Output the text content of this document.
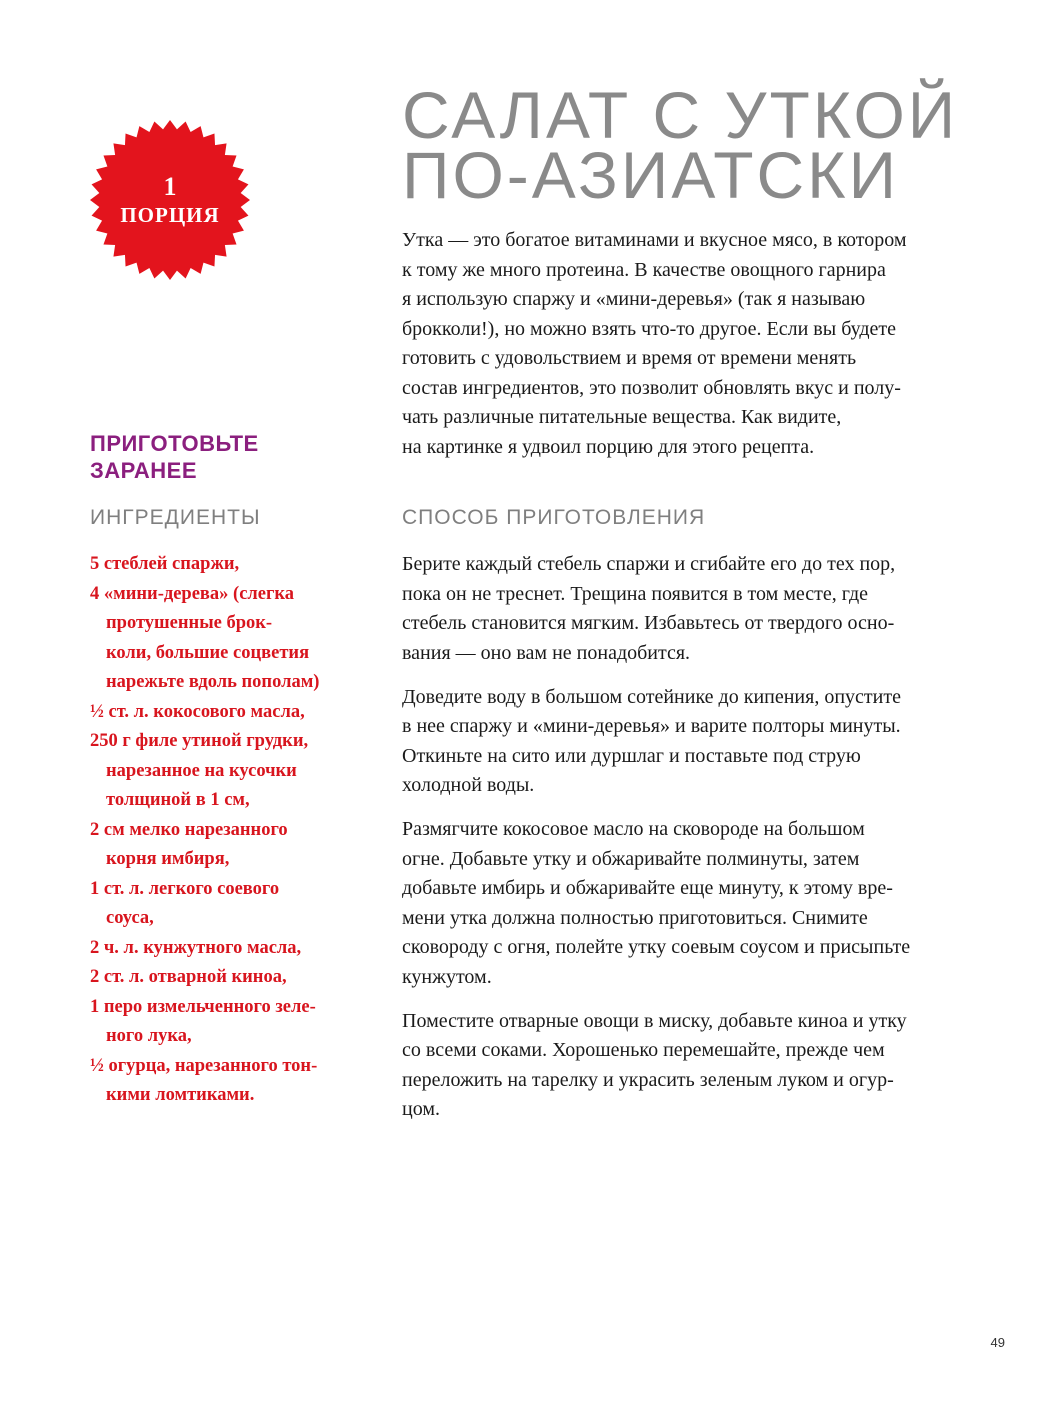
1
ПОРЦИЯ
САЛАТ С УТКОЙ
ПО-АЗИАТСКИ

Утка — это богатое витаминами и вкусное мясо, в котором
к тому же много протеина. В качестве овощного гарнира
я использую спаржу и «мини-деревья» (так я называю
брокколи!), но можно взять что-то другое. Если вы будете
готовить с удовольствием и время от времени менять
состав ингредиентов, это позволит обновлять вкус и полу-
чать различные питательные вещества. Как видите,
на картинке я удвоил порцию для этого рецепта.

ПРИГОТОВЬТЕ
ЗАРАНЕЕ
ИНГРЕДИЕНТЫ	СПОСОБ ПРИГОТОВЛЕНИЯ
5 стеблей спаржи,
4 «мини-дерева» (слегка
протушенные брок-
коли, большие соцветия
нарежьте вдоль пополам)
½ ст. л. кокосового масла,
250 г филе утиной грудки,
нарезанное на кусочки
толщиной в 1 см,
2 см мелко нарезанного
корня имбиря,
1 ст. л. легкого соевого
соуса,
2 ч. л. кунжутного масла,
2 ст. л. отварной киноа,
1 перо измельченного зеле-
ного лука,
½ огурца, нарезанного тон-
кими ломтиками.

Берите каждый стебель спаржи и сгибайте его до тех пор,
пока он не треснет. Трещина появится в том месте, где
стебель становится мягким. Избавьтесь от твердого осно-
вания — оно вам не понадобится.

Доведите воду в большом сотейнике до кипения, опустите
в нее спаржу и «мини-деревья» и варите полторы минуты.
Откиньте на сито или дуршлаг и поставьте под струю
холодной воды.

Размягчите кокосовое масло на сковороде на большом
огне. Добавьте утку и обжаривайте полминуты, затем
добавьте имбирь и обжаривайте еще минуту, к этому вре-
мени утка должна полностью приготовиться. Снимите
сковороду с огня, полейте утку соевым соусом и присыпьте
кунжутом.

Поместите отварные овощи в миску, добавьте киноа и утку
со всеми соками. Хорошенько перемешайте, прежде чем
переложить на тарелку и украсить зеленым луком и огур-
цом.

49
